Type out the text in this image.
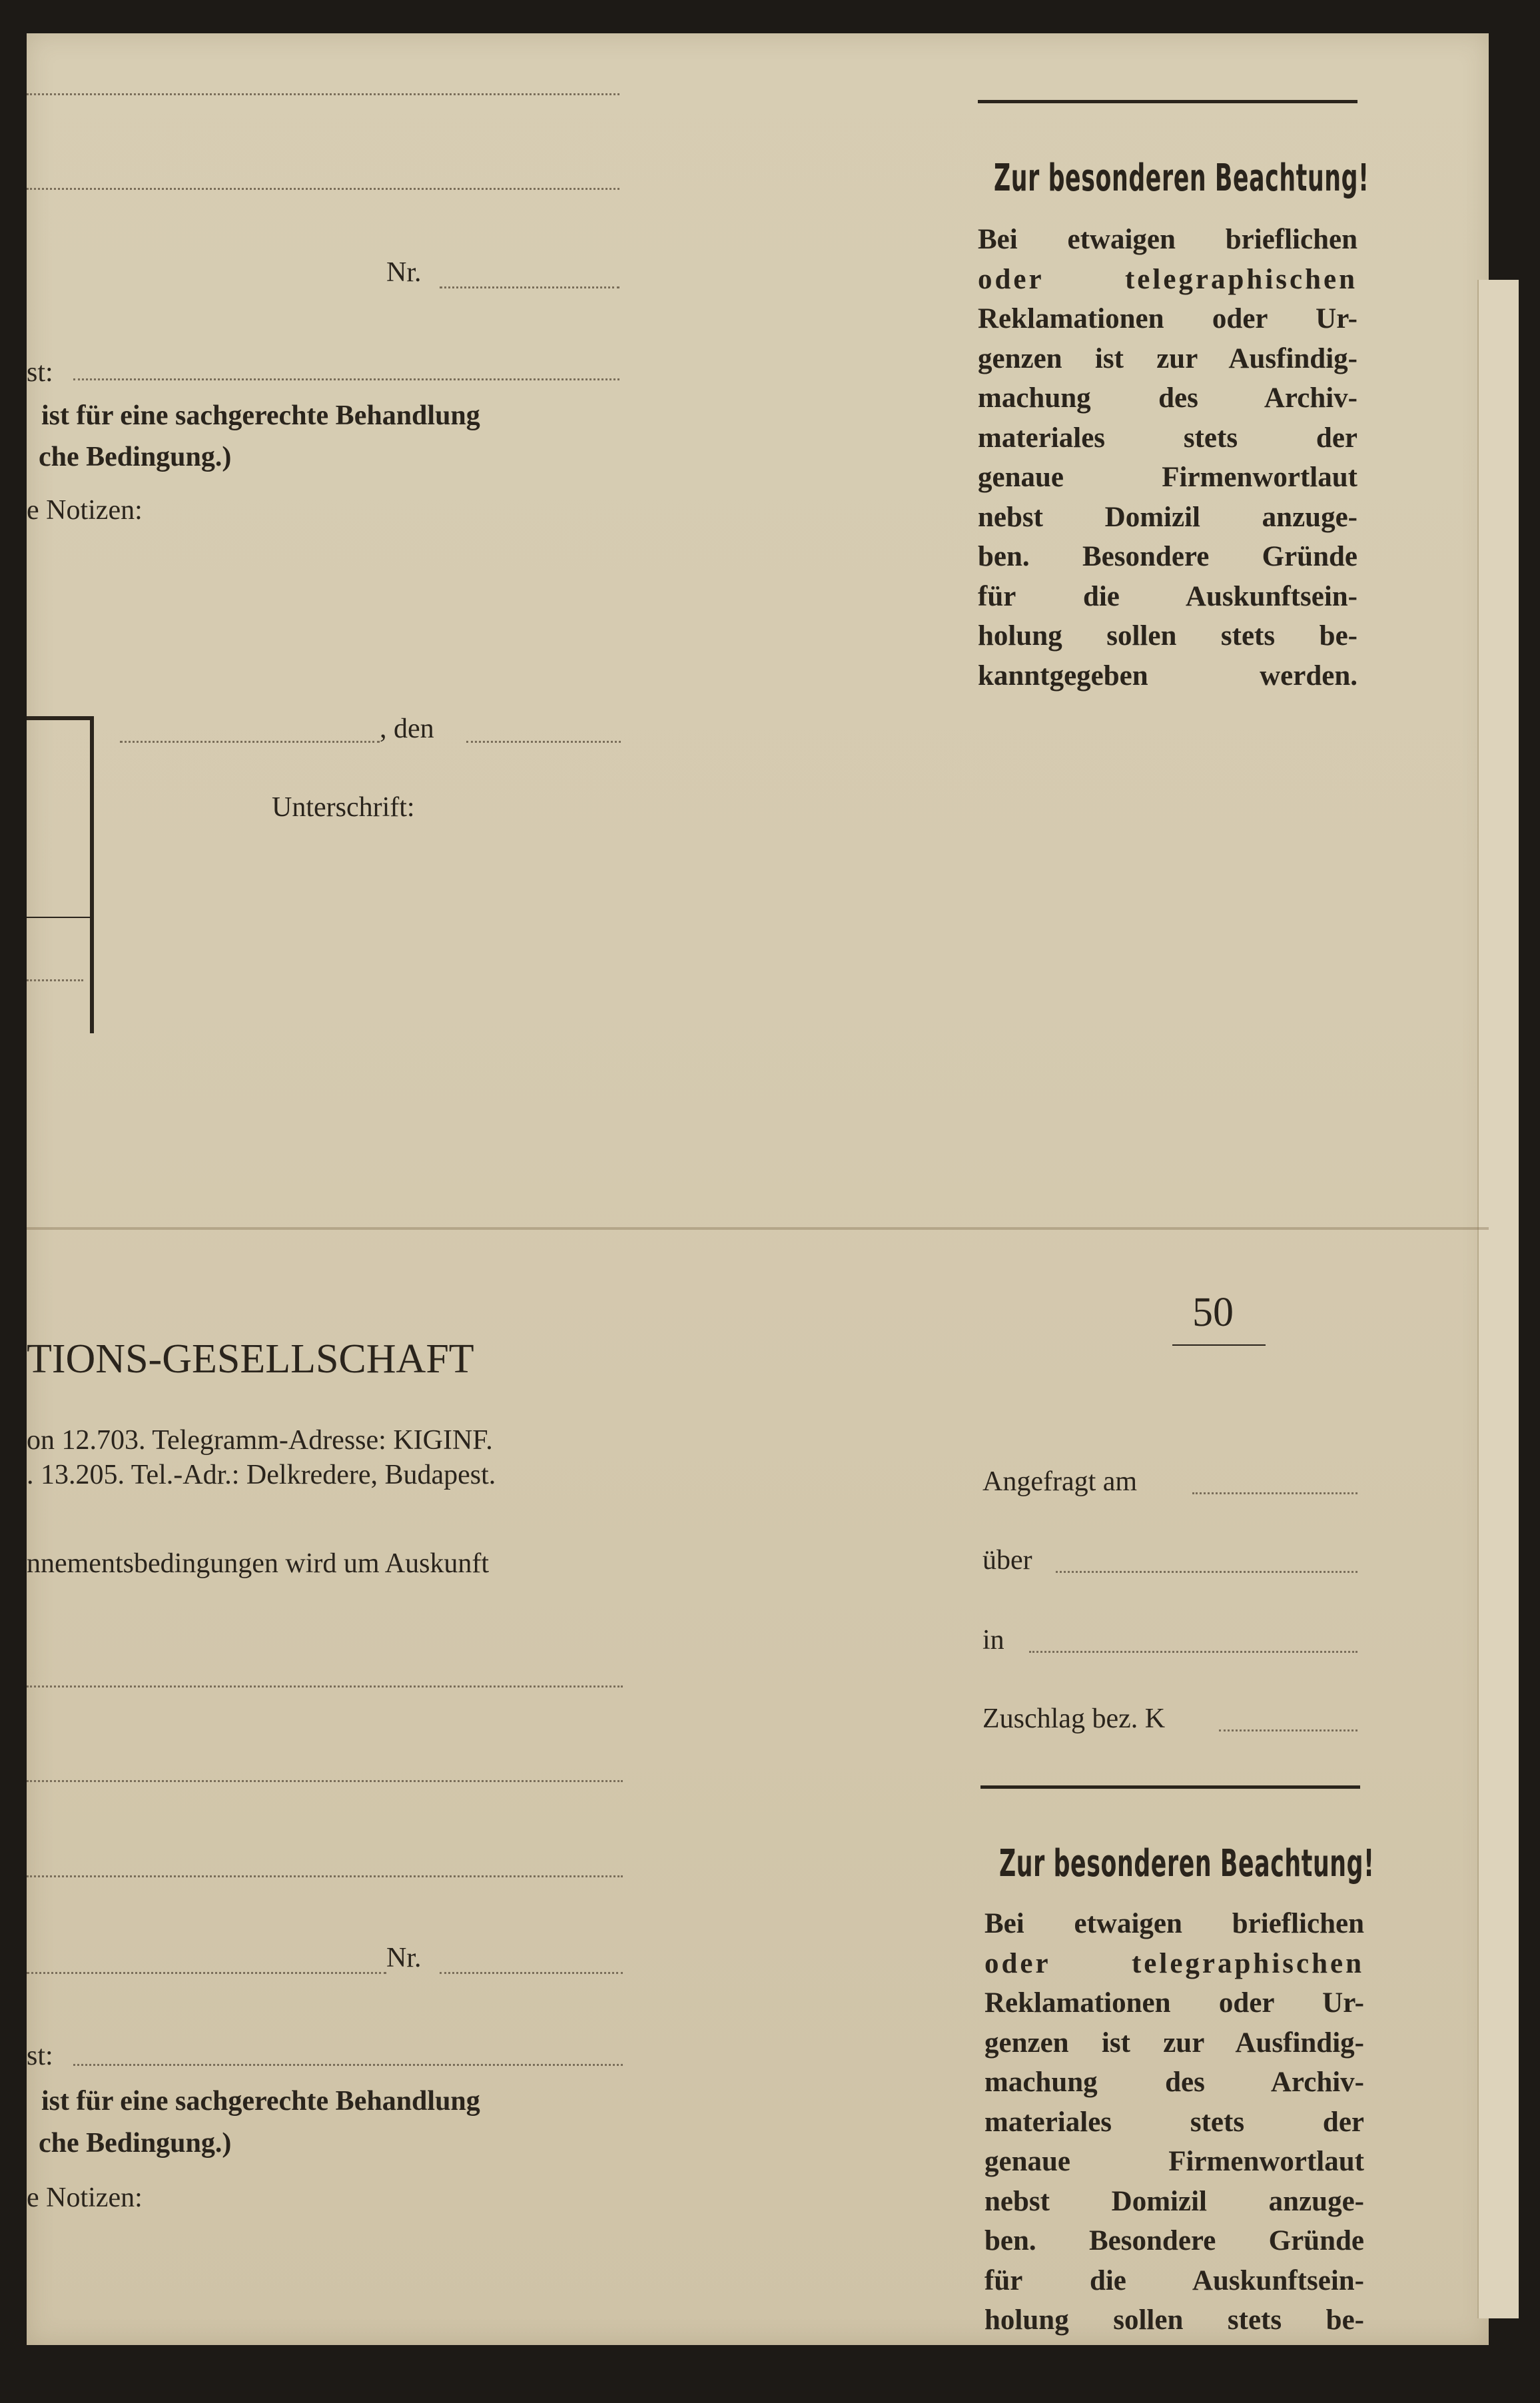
Nr.
st:
ist für eine sachgerechte Behandlung
che Bedingung.)
e Notizen:
, den
Unterschrift:
Zur besonderen Beachtung!
Bei etwaigen brieflichen
oder telegraphischen
Reklamationen oder Ur-
genzen ist zur Ausfindig-
machung des Archiv-
materiales stets der
genaue Firmenwortlaut
nebst Domizil anzuge-
ben. Besondere Gründe
für die Auskunftsein-
holung sollen stets be-
kanntgegeben werden.
50
TIONS-GESELLSCHAFT
on 12.703. Telegramm-Adresse: KIGINF.
. 13.205. Tel.-Adr.: Delkredere, Budapest.
nnementsbedingungen wird um Auskunft
Angefragt am
über
in
Zuschlag bez. K
Zur besonderen Beachtung!
Bei etwaigen brieflichen
oder telegraphischen
Reklamationen oder Ur-
genzen ist zur Ausfindig-
machung des Archiv-
materiales stets der
genaue Firmenwortlaut
nebst Domizil anzuge-
ben. Besondere Gründe
für die Auskunftsein-
holung sollen stets be-
Nr.
st:
ist für eine sachgerechte Behandlung
che Bedingung.)
e Notizen:
